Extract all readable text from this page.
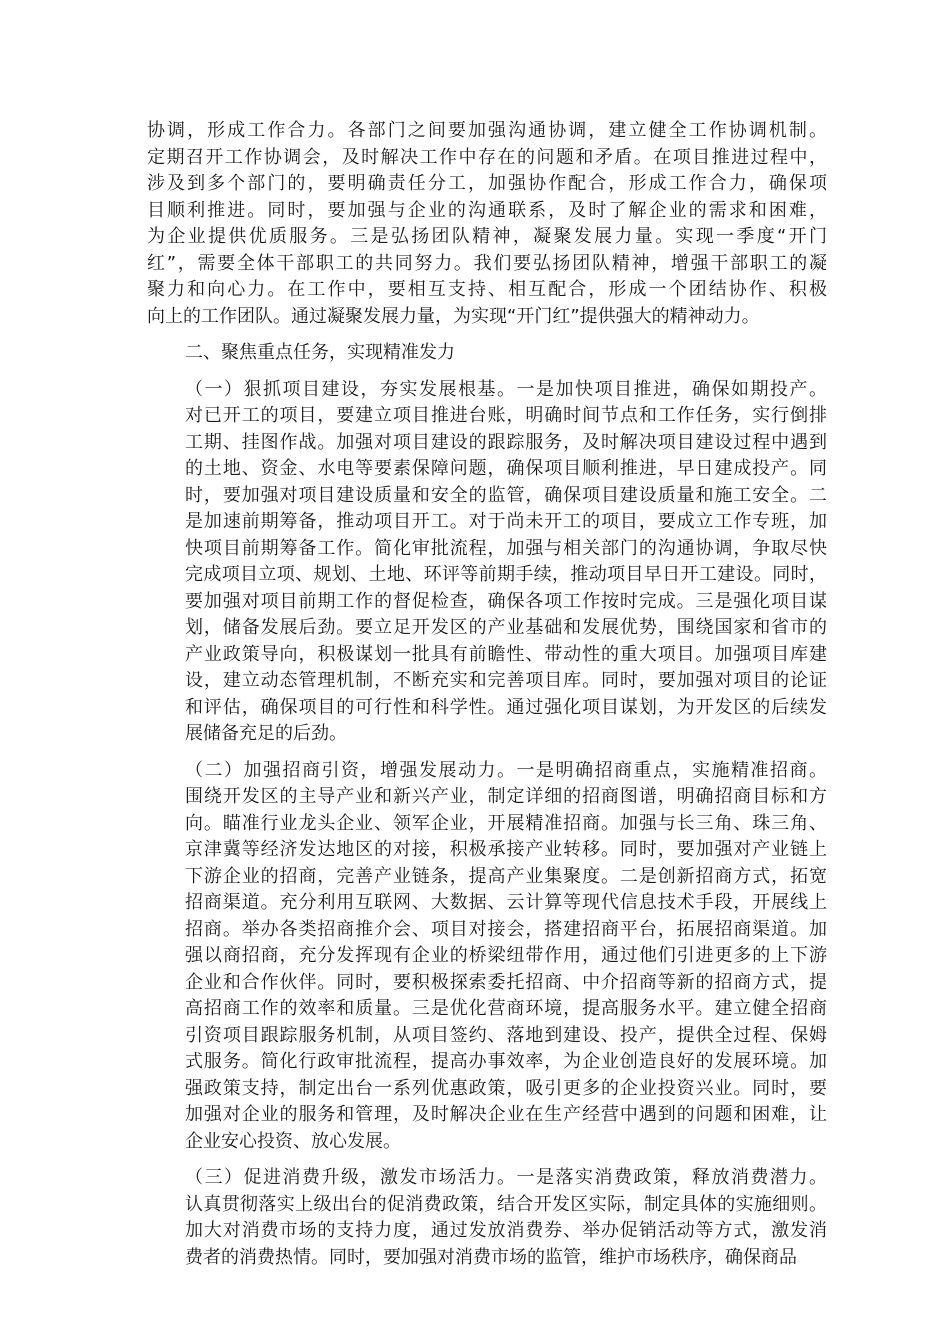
协调，形成工作合力。各部门之间要加强沟通协调，建立健全工作协调机制。
定期召开工作协调会，及时解决工作中存在的问题和矛盾。在项目推进过程中，
涉及到多个部门的，要明确责任分工，加强协作配合，形成工作合力，确保项
目顺利推进。同时，要加强与企业的沟通联系，及时了解企业的需求和困难，
为企业提供优质服务。三是弘扬团队精神，凝聚发展力量。实现一季度“开门
红”，需要全体干部职工的共同努力。我们要弘扬团队精神，增强干部职工的凝
聚力和向心力。在工作中，要相互支持、相互配合，形成一个团结协作、积极
向上的工作团队。通过凝聚发展力量，为实现“开门红”提供强大的精神动力。
二、聚焦重点任务，实现精准发力
（一）狠抓项目建设，夯实发展根基。一是加快项目推进，确保如期投产。
对已开工的项目，要建立项目推进台账，明确时间节点和工作任务，实行倒排
工期、挂图作战。加强对项目建设的跟踪服务，及时解决项目建设过程中遇到
的土地、资金、水电等要素保障问题，确保项目顺利推进，早日建成投产。同
时，要加强对项目建设质量和安全的监管，确保项目建设质量和施工安全。二
是加速前期筹备，推动项目开工。对于尚未开工的项目，要成立工作专班，加
快项目前期筹备工作。简化审批流程，加强与相关部门的沟通协调，争取尽快
完成项目立项、规划、土地、环评等前期手续，推动项目早日开工建设。同时，
要加强对项目前期工作的督促检查，确保各项工作按时完成。三是强化项目谋
划，储备发展后劲。要立足开发区的产业基础和发展优势，围绕国家和省市的
产业政策导向，积极谋划一批具有前瞻性、带动性的重大项目。加强项目库建
设，建立动态管理机制，不断充实和完善项目库。同时，要加强对项目的论证
和评估，确保项目的可行性和科学性。通过强化项目谋划，为开发区的后续发
展储备充足的后劲。
（二）加强招商引资，增强发展动力。一是明确招商重点，实施精准招商。
围绕开发区的主导产业和新兴产业，制定详细的招商图谱，明确招商目标和方
向。瞄准行业龙头企业、领军企业，开展精准招商。加强与长三角、珠三角、
京津冀等经济发达地区的对接，积极承接产业转移。同时，要加强对产业链上
下游企业的招商，完善产业链条，提高产业集聚度。二是创新招商方式，拓宽
招商渠道。充分利用互联网、大数据、云计算等现代信息技术手段，开展线上
招商。举办各类招商推介会、项目对接会，搭建招商平台，拓展招商渠道。加
强以商招商，充分发挥现有企业的桥梁纽带作用，通过他们引进更多的上下游
企业和合作伙伴。同时，要积极探索委托招商、中介招商等新的招商方式，提
高招商工作的效率和质量。三是优化营商环境，提高服务水平。建立健全招商
引资项目跟踪服务机制，从项目签约、落地到建设、投产，提供全过程、保姆
式服务。简化行政审批流程，提高办事效率，为企业创造良好的发展环境。加
强政策支持，制定出台一系列优惠政策，吸引更多的企业投资兴业。同时，要
加强对企业的服务和管理，及时解决企业在生产经营中遇到的问题和困难，让
企业安心投资、放心发展。
（三）促进消费升级，激发市场活力。一是落实消费政策，释放消费潜力。
认真贯彻落实上级出台的促消费政策，结合开发区实际，制定具体的实施细则。
加大对消费市场的支持力度，通过发放消费券、举办促销活动等方式，激发消
费者的消费热情。同时，要加强对消费市场的监管，维护市场秩序，确保商品
